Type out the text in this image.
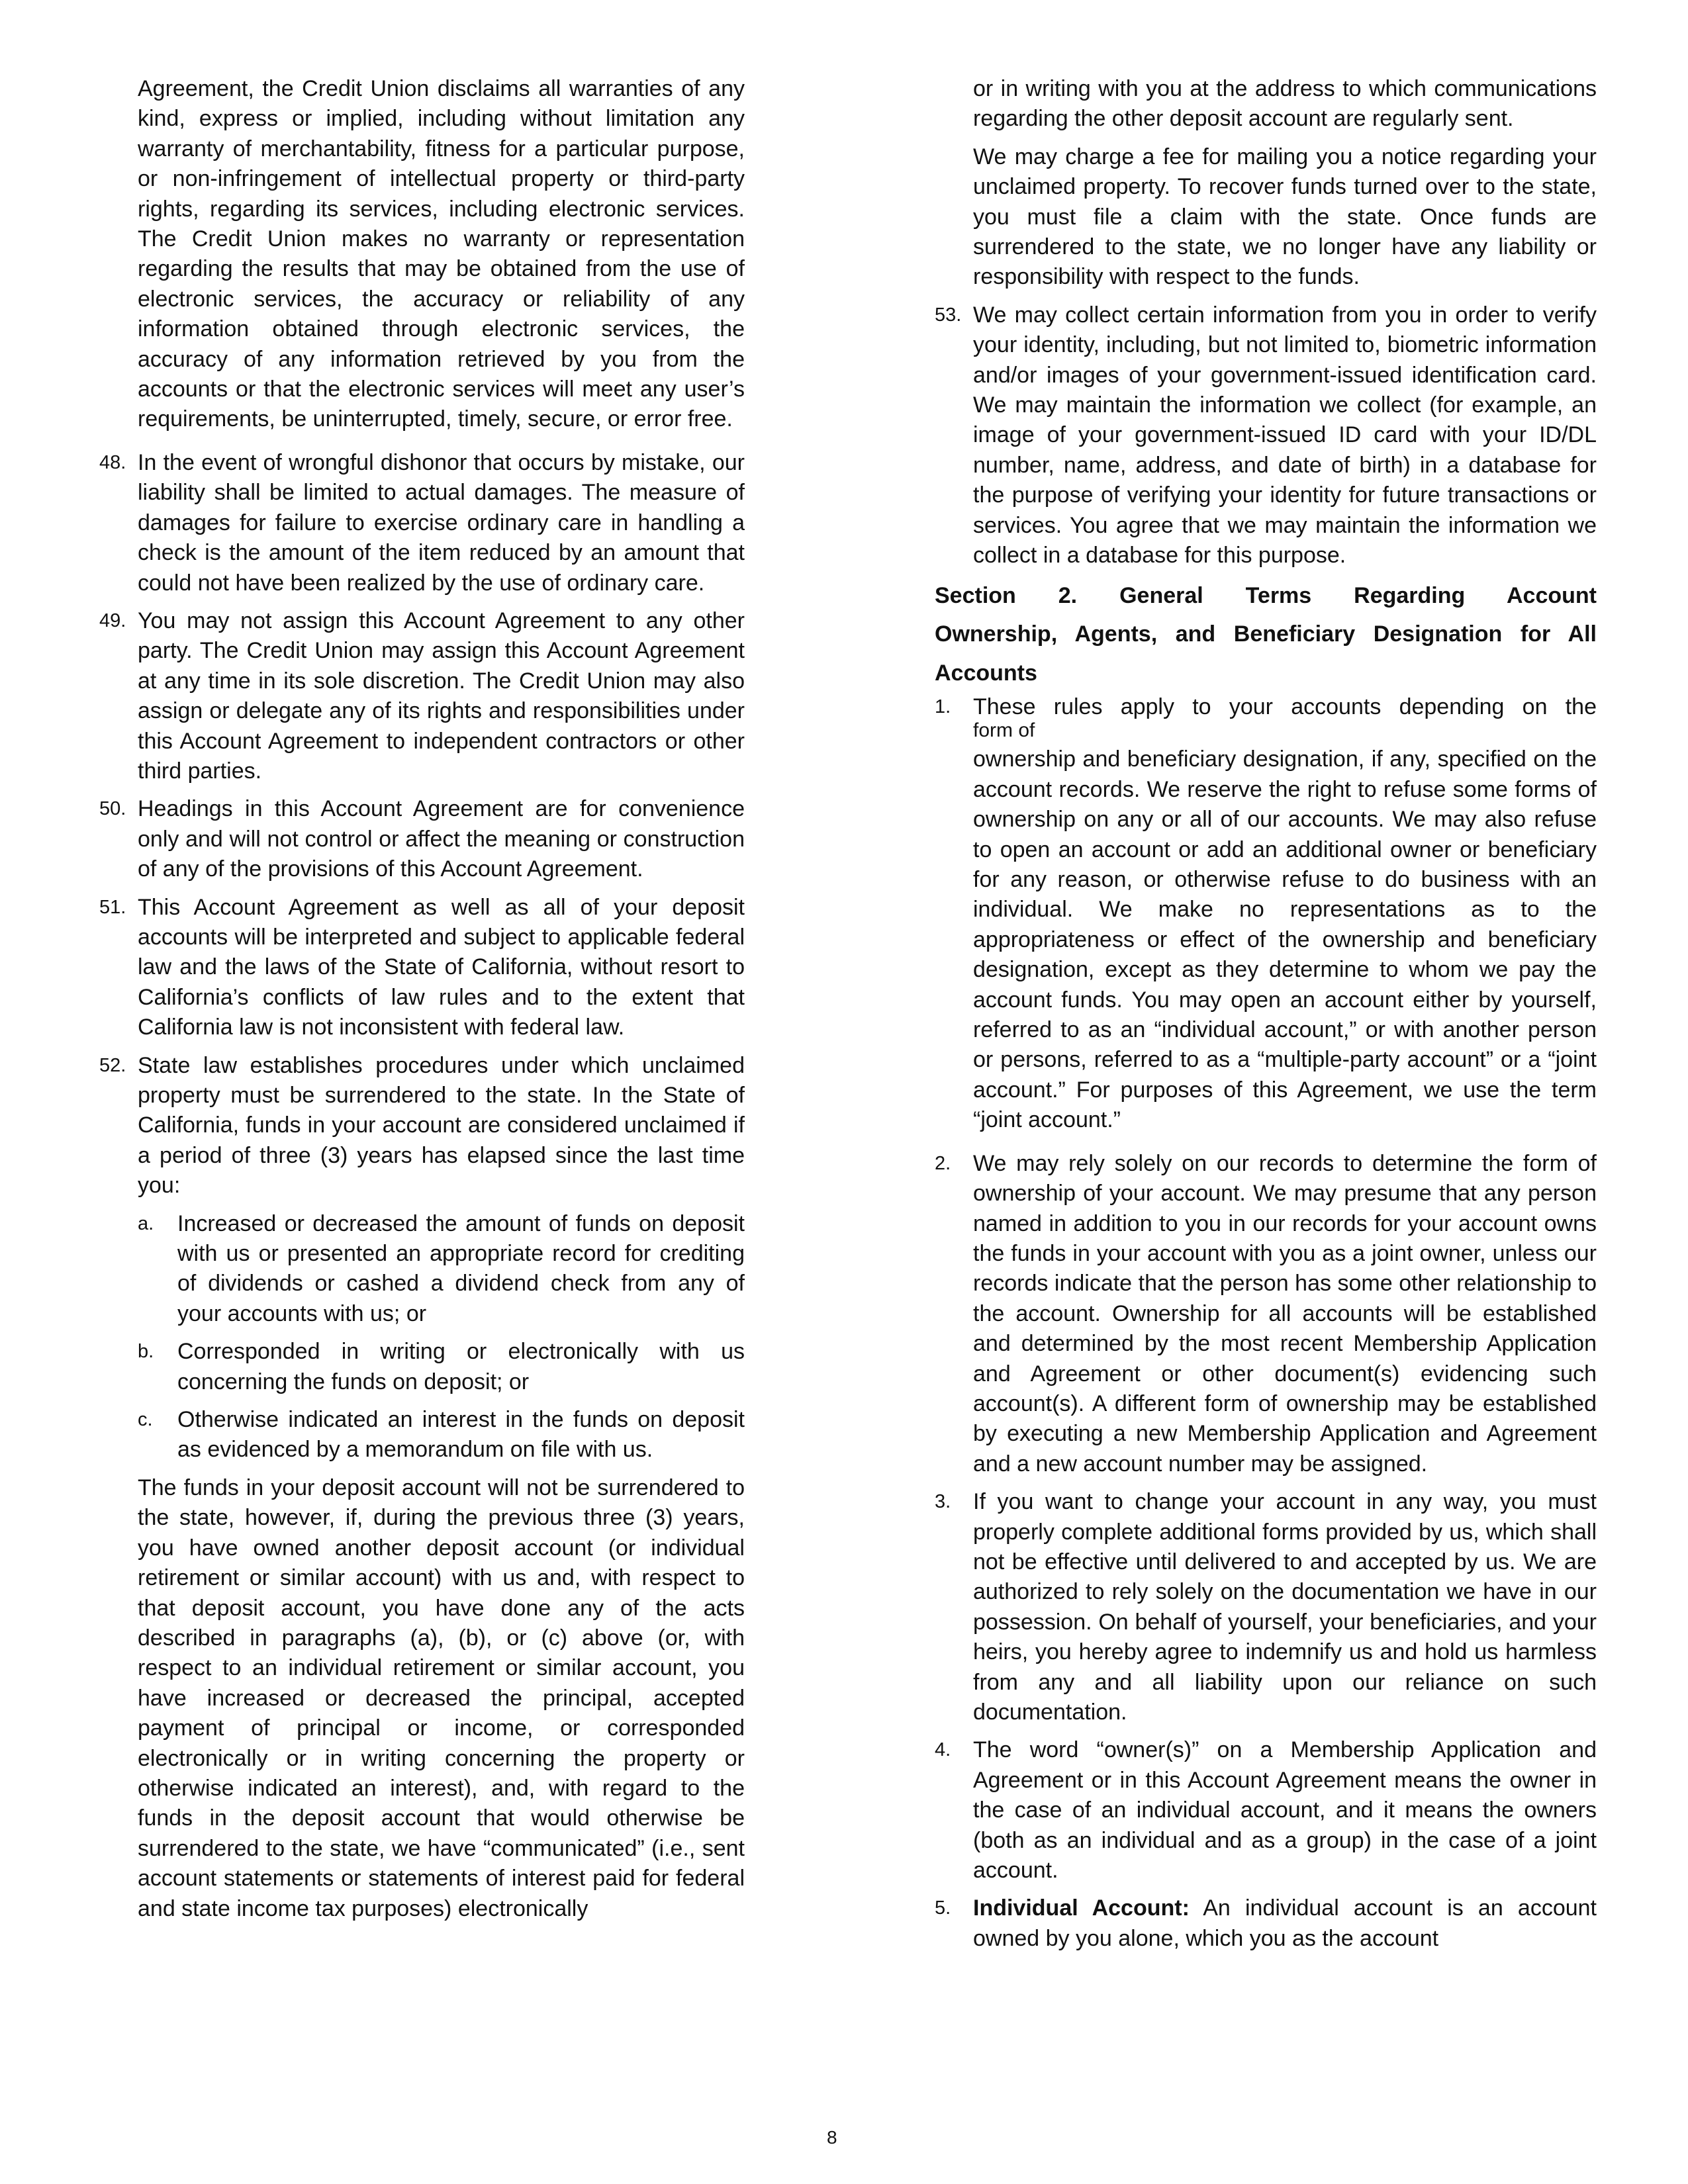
Agreement, the Credit Union disclaims all warranties of any kind, express or implied, including without limitation any warranty of merchantability, fitness for a particular purpose, or non-infringement of intellectual property or third-party rights, regarding its services, including electronic services. The Credit Union makes no warranty or representation regarding the results that may be obtained from the use of electronic services, the accuracy or reliability of any information obtained through electronic services, the accuracy of any information retrieved by you from the accounts or that the electronic services will meet any user’s requirements, be uninterrupted, timely, secure, or error free.

48. In the event of wrongful dishonor that occurs by mistake, our liability shall be limited to actual damages. The measure of damages for failure to exercise ordinary care in handling a check is the amount of the item reduced by an amount that could not have been realized by the use of ordinary care.

49. You may not assign this Account Agreement to any other party. The Credit Union may assign this Account Agreement at any time in its sole discretion. The Credit Union may also assign or delegate any of its rights and responsibilities under this Account Agreement to independent contractors or other third parties.

50. Headings in this Account Agreement are for convenience only and will not control or affect the meaning or construction of any of the provisions of this Account Agreement.

51. This Account Agreement as well as all of your deposit accounts will be interpreted and subject to applicable federal law and the laws of the State of California, without resort to California’s conflicts of law rules and to the extent that California law is not inconsistent with federal law.

52. State law establishes procedures under which unclaimed property must be surrendered to the state. In the State of California, funds in your account are considered unclaimed if a period of three (3) years has elapsed since the last time you:

a. Increased or decreased the amount of funds on deposit with us or presented an appropriate record for crediting of dividends or cashed a dividend check from any of your accounts with us; or

b. Corresponded in writing or electronically with us concerning the funds on deposit; or

c. Otherwise indicated an interest in the funds on deposit as evidenced by a memorandum on file with us.

The funds in your deposit account will not be surrendered to the state, however, if, during the previous three (3) years, you have owned another deposit account (or individual retirement or similar account) with us and, with respect to that deposit account, you have done any of the acts described in paragraphs (a), (b), or (c) above (or, with respect to an individual retirement or similar account, you have increased or decreased the principal, accepted payment of principal or income, or corresponded electronically or in writing concerning the property or otherwise indicated an interest), and, with regard to the funds in the deposit account that would otherwise be surrendered to the state, we have “communicated” (i.e., sent account statements or statements of interest paid for federal and state income tax purposes) electronically

or in writing with you at the address to which communications regarding the other deposit account are regularly sent.

We may charge a fee for mailing you a notice regarding your unclaimed property. To recover funds turned over to the state, you must file a claim with the state. Once funds are surrendered to the state, we no longer have any liability or responsibility with respect to the funds.

53. We may collect certain information from you in order to verify your identity, including, but not limited to, biometric information and/or images of your government-issued identification card. We may maintain the information we collect (for example, an image of your government-issued ID card with your ID/DL number, name, address, and date of birth) in a database for the purpose of verifying your identity for future transactions or services. You agree that we may maintain the information we collect in a database for this purpose.

Section 2. General Terms Regarding Account
Ownership, Agents, and Beneficiary Designation for All
Accounts
1. These rules apply to your accounts depending on the

form of

ownership and beneficiary designation, if any, specified on the account records. We reserve the right to refuse some forms of ownership on any or all of our accounts. We may also refuse to open an account or add an additional owner or beneficiary for any reason, or otherwise refuse to do business with an individual. We make no representations as to the appropriateness or effect of the ownership and beneficiary designation, except as they determine to whom we pay the account funds. You may open an account either by yourself, referred to as an “individual account,” or with another person or persons, referred to as a “multiple-party account” or a “joint account.” For purposes of this Agreement, we use the term “joint account.”

2. We may rely solely on our records to determine the form of ownership of your account. We may presume that any person named in addition to you in our records for your account owns the funds in your account with you as a joint owner, unless our records indicate that the person has some other relationship to the account. Ownership for all accounts will be established and determined by the most recent Membership Application and Agreement or other document(s) evidencing such account(s). A different form of ownership may be established by executing a new Membership Application and Agreement and a new account number may be assigned.

3. If you want to change your account in any way, you must properly complete additional forms provided by us, which shall not be effective until delivered to and accepted by us. We are authorized to rely solely on the documentation we have in our possession. On behalf of yourself, your beneficiaries, and your heirs, you hereby agree to indemnify us and hold us harmless from any and all liability upon our reliance on such documentation.

4. The word “owner(s)” on a Membership Application and Agreement or in this Account Agreement means the owner in the case of an individual account, and it means the owners (both as an individual and as a group) in the case of a joint account.

5. Individual Account: An individual account is an account owned by you alone, which you as the account

8
